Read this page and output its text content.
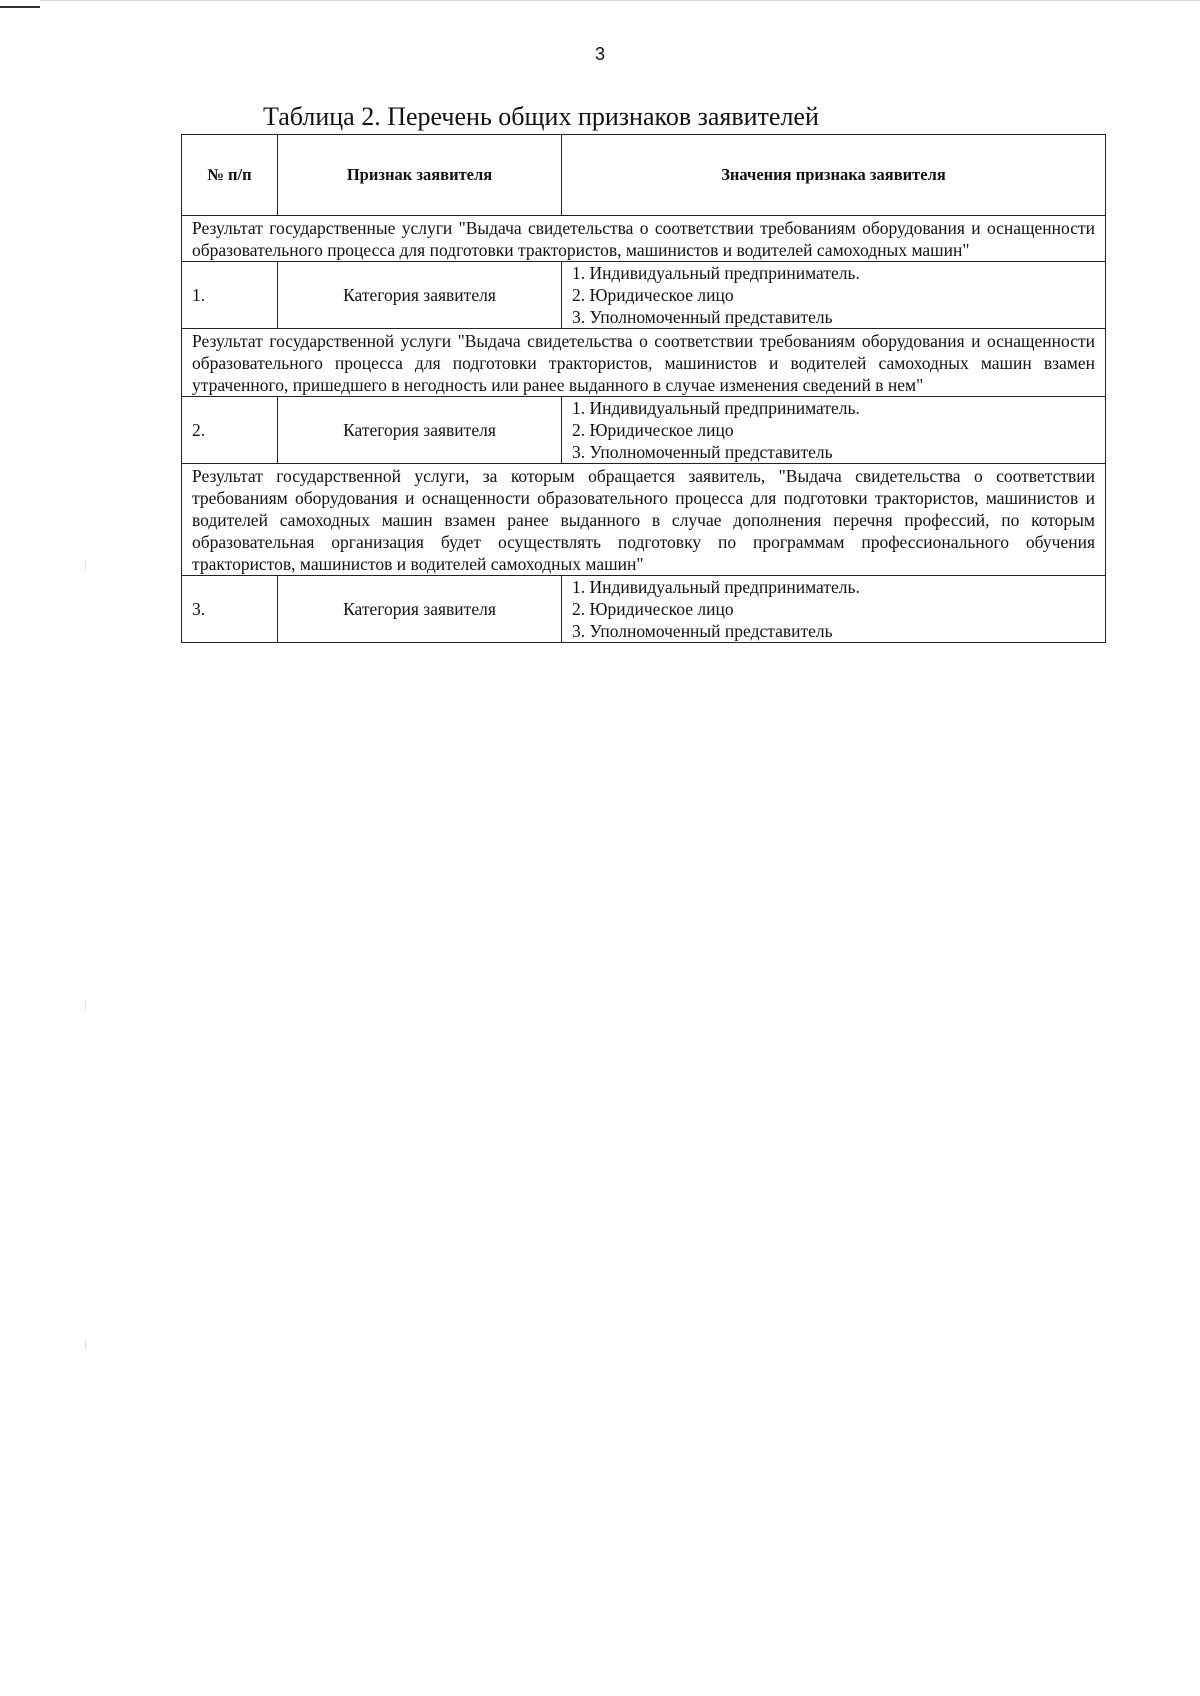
3
Таблица 2. Перечень общих признаков заявителей
№ п/п	Признак заявителя	Значения признака заявителя
Результат государственные услуги "Выдача свидетельства о соответствии требованиям оборудования и оснащенности образовательного процесса для подготовки трактористов, машинистов и водителей самоходных машин"		
1.	Категория заявителя	1. Индивидуальный предприниматель.
2. Юридическое лицо
3. Уполномоченный представитель

Результат государственной услуги "Выдача свидетельства о соответствии требованиям оборудования и оснащенности образовательного процесса для подготовки трактористов, машинистов и водителей самоходных машин взамен утраченного, пришедшего в негодность или ранее выданного в случае изменения сведений в нем"		
2.	Категория заявителя	1. Индивидуальный предприниматель.
2. Юридическое лицо
3. Уполномоченный представитель

Результат государственной услуги, за которым обращается заявитель, "Выдача свидетельства о соответствии требованиям оборудования и оснащенности образовательного процесса для подготовки трактористов, машинистов и водителей самоходных машин взамен ранее выданного в случае дополнения перечня профессий, по которым образовательная организация будет осуществлять подготовку по программам профессионального обучения трактористов, машинистов и водителей самоходных машин"		
3.	Категория заявителя	1. Индивидуальный предприниматель.
2. Юридическое лицо
3. Уполномоченный представитель
